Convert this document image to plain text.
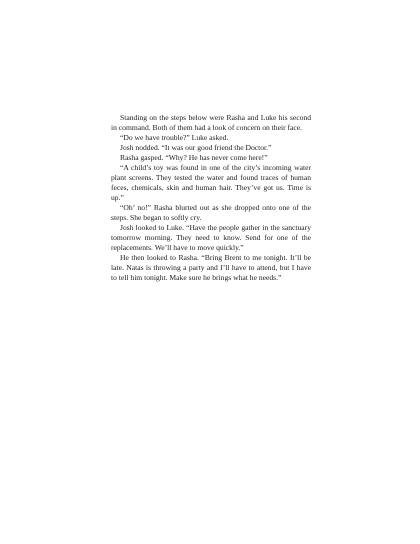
Standing on the steps below were Rasha and Luke his second in command. Both of them had a look of concern on their face.

“Do we have trouble?” Luke asked.

Josh nodded. “It was our good friend the Doctor.”

Rasha gasped. “Why? He has never come here!”

“A child’s toy was found in one of the city’s incoming water plant screens. They tested the water and found traces of human feces, chemicals, skin and human hair. They’ve got us. Time is up.”

“Oh’ no!” Rasha blurted out as she dropped onto one of the steps. She began to softly cry.

Josh looked to Luke. “Have the people gather in the sanctuary tomorrow morning. They need to know. Send for one of the replacements. We’ll have to move quickly.”

He then looked to Rasha. “Bring Brent to me tonight. It’ll be late. Natas is throwing a party and I’ll have to attend, but I have to tell him tonight. Make sure he brings what he needs.”
